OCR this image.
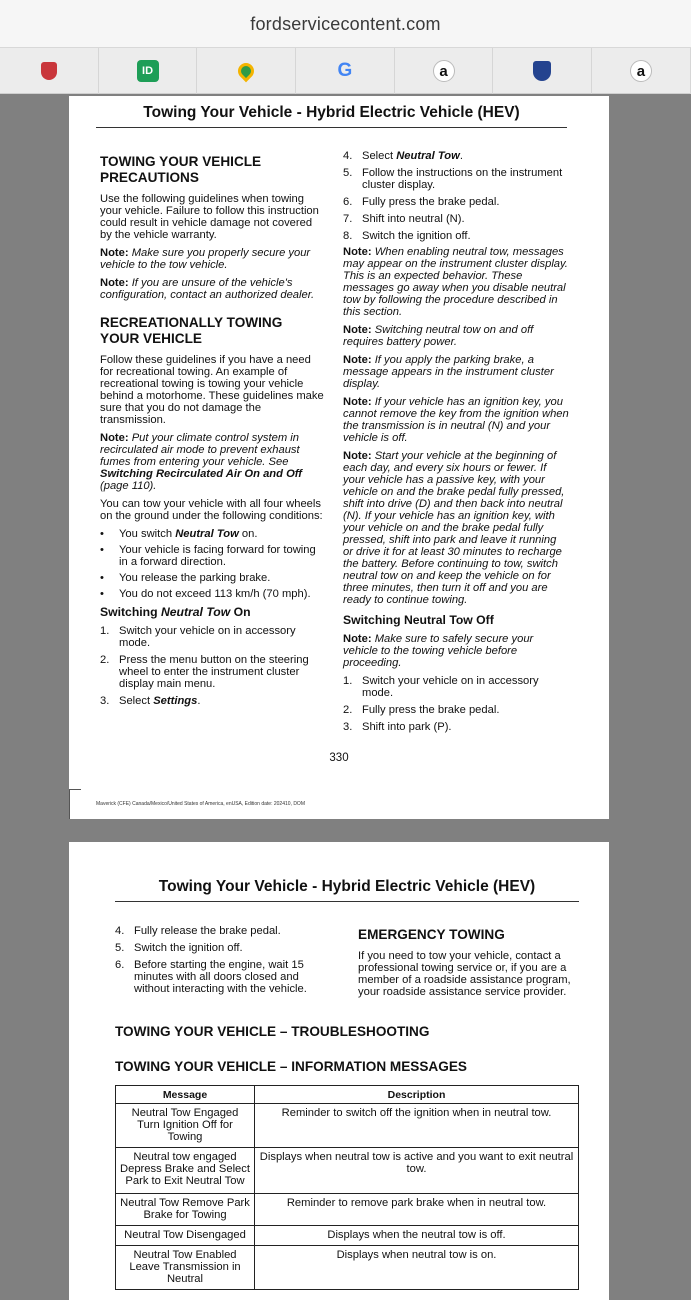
fordservicecontent.com
ID	G	a	a
Towing Your Vehicle - Hybrid Electric Vehicle (HEV)
TOWING YOUR VEHICLE PRECAUTIONS

Use the following guidelines when towing your vehicle. Failure to follow this instruction could result in vehicle damage not covered by the vehicle warranty.

Note: Make sure you properly secure your vehicle to the tow vehicle.

Note: If you are unsure of the vehicle's configuration, contact an authorized dealer.

RECREATIONALLY TOWING YOUR VEHICLE

Follow these guidelines if you have a need for recreational towing. An example of recreational towing is towing your vehicle behind a motorhome. These guidelines make sure that you do not damage the transmission.

Note: Put your climate control system in recirculated air mode to prevent exhaust fumes from entering your vehicle. See Switching Recirculated Air On and Off (page 110).

You can tow your vehicle with all four wheels on the ground under the following conditions:

•	You switch Neutral Tow on.
•	Your vehicle is facing forward for towing in a forward direction.
•	You release the parking brake.
•	You do not exceed 113 km/h (70 mph).
Switching Neutral Tow On
1. Switch your vehicle on in accessory mode.
2. Press the menu button on the steering wheel to enter the instrument cluster display main menu.
3. Select Settings.
4. Select Neutral Tow.
5. Follow the instructions on the instrument cluster display.
6. Fully press the brake pedal.
7. Shift into neutral (N).
8. Switch the ignition off.

Note: When enabling neutral tow, messages may appear on the instrument cluster display. This is an expected behavior. These messages go away when you disable neutral tow by following the procedure described in this section.

Note: Switching neutral tow on and off requires battery power.

Note: If you apply the parking brake, a message appears in the instrument cluster display.

Note: If your vehicle has an ignition key, you cannot remove the key from the ignition when the transmission is in neutral (N) and your vehicle is off.

Note: Start your vehicle at the beginning of each day, and every six hours or fewer. If your vehicle has a passive key, with your vehicle on and the brake pedal fully pressed, shift into drive (D) and then back into neutral (N). If your vehicle has an ignition key, with your vehicle on and the brake pedal fully pressed, shift into park and leave it running or drive it for at least 30 minutes to recharge the battery. Before continuing to tow, switch neutral tow on and keep the vehicle on for three minutes, then turn it off and you are ready to continue towing.

Switching Neutral Tow Off

Note: Make sure to safely secure your vehicle to the towing vehicle before proceeding.

1. Switch your vehicle on in accessory mode.
2. Fully press the brake pedal.
3. Shift into park (P).
330
Maverick (CFE) Canada/Mexico/United States of America, enUSA, Edition date: 202410, DOM
Towing Your Vehicle - Hybrid Electric Vehicle (HEV)
4. Fully release the brake pedal.
5. Switch the ignition off.
6. Before starting the engine, wait 15 minutes with all doors closed and without interacting with the vehicle.
EMERGENCY TOWING

If you need to tow your vehicle, contact a professional towing service or, if you are a member of a roadside assistance program, your roadside assistance service provider.

TOWING YOUR VEHICLE – TROUBLESHOOTING
TOWING YOUR VEHICLE – INFORMATION MESSAGES
Message	Description
Neutral Tow Engaged Turn Ignition Off for Towing	Reminder to switch off the ignition when in neutral tow.
Neutral tow engaged Depress Brake and Select Park to Exit Neutral Tow	Displays when neutral tow is active and you want to exit neutral tow.
Neutral Tow Remove Park Brake for Towing	Reminder to remove park brake when in neutral tow.
Neutral Tow Disengaged	Displays when the neutral tow is off.
Neutral Tow Enabled Leave Transmission in Neutral	Displays when neutral tow is on.
